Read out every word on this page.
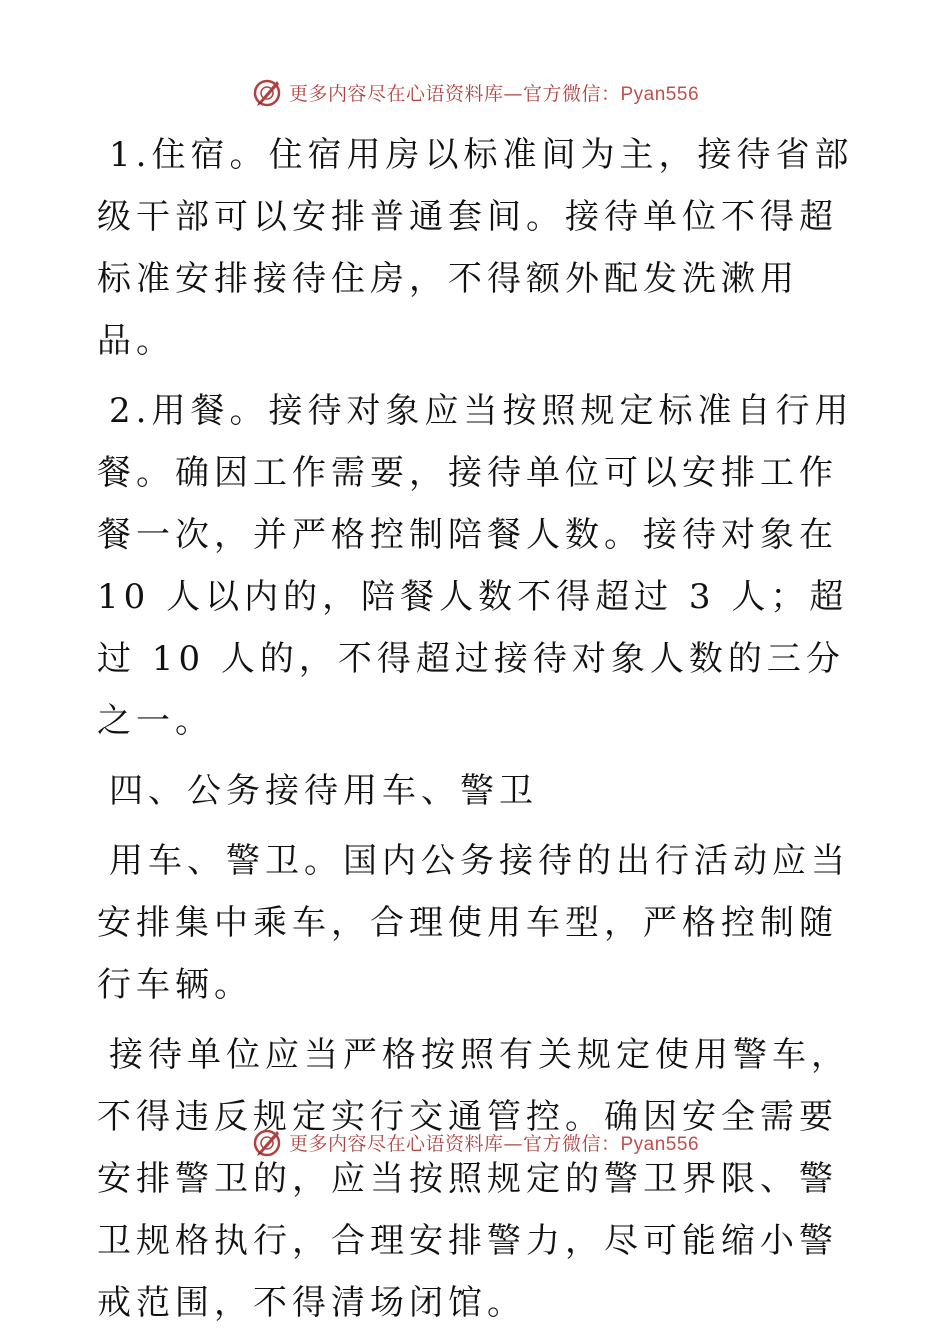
更多内容尽在心语资料库—官方微信：Pyan556

1.住宿。住宿用房以标准间为主，接待省部级干部可以安排普通套间。接待单位不得超标准安排接待住房，不得额外配发洗漱用品。

2.用餐。接待对象应当按照规定标准自行用餐。确因工作需要，接待单位可以安排工作餐一次，并严格控制陪餐人数。接待对象在 10 人以内的，陪餐人数不得超过 3 人；超过 10 人的，不得超过接待对象人数的三分之一。

四、公务接待用车、警卫

用车、警卫。国内公务接待的出行活动应当安排集中乘车，合理使用车型，严格控制随行车辆。

接待单位应当严格按照有关规定使用警车，不得违反规定实行交通管控。确因安全需要安排警卫的，应当按照规定的警卫界限、警卫规格执行，合理安排警力，尽可能缩小警戒范围，不得清场闭馆。

更多内容尽在心语资料库—官方微信：Pyan556
